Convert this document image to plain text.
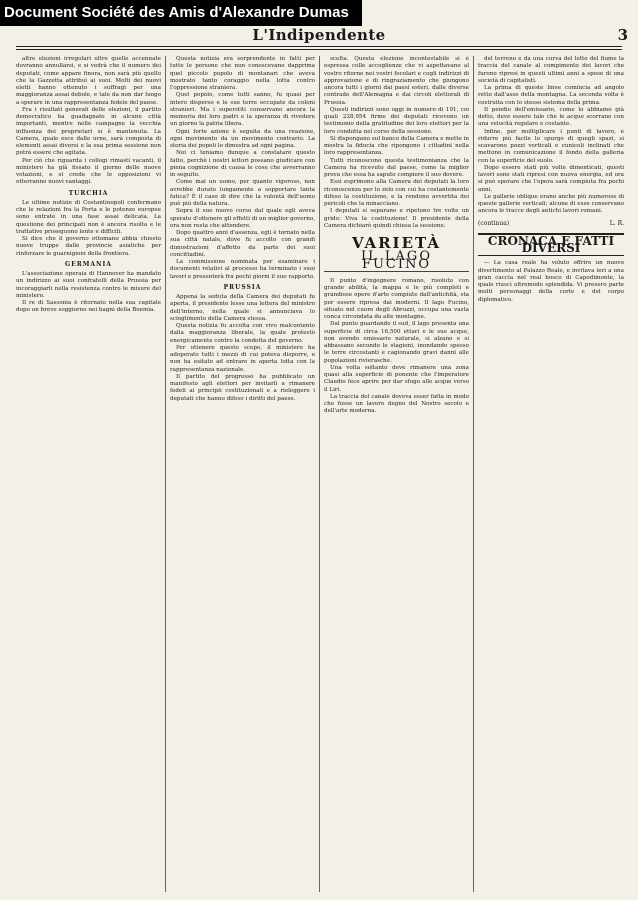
Document Société des Amis d'Alexandre Dumas
L'Indipendente	3

altre elezioni irregolari oltre quelle accennate dovranno annullarsi, e si vedrà che il numero dei deputati, come appare finora, non sarà più quello che la Gazzetta attribuì ai suoi. Molti dei nuovi eletti hanno ottenuto i suffragi per una maggioranza assai debole, e tale da non dar luogo a sperare in una rappresentanza fedele del paese.

Fra i risultati generali delle elezioni, il partito democratico ha guadagnato in alcune città importanti, mentre nelle campagne la vecchia influenza dei proprietari si è mantenuta. La Camera, quale esce dalle urne, sarà composta di elementi assai diversi e la sua prima sessione non potrà essere che agitata.

Per ciò che riguarda i collegi rimasti vacanti, il ministero ha già fissato il giorno delle nuove votazioni, e si crede che le opposizioni vi otterranno nuovi vantaggi.

TURCHIA

Le ultime notizie di Costantinopoli confermano che le relazioni fra la Porta e le potenze europee sono entrate in una fase assai delicata. La questione dei principati non è ancora risolta e le trattative proseguono lente e difficili.

Si dice che il governo ottomano abbia chiesto nuove truppe dalle provincie asiatiche per rinforzare le guarnigioni della frontiera.

GERMANIA

L'associazione operaia di Hannover ha mandato un indirizzo ai suoi confratelli della Prussia per incoraggiarli nella resistenza contro le misure del ministero.

Il re di Sassonia è ritornato nella sua capitale dopo un breve soggiorno nei bagni della Boemia.

Questa notizia era sorprendente in fatti per tutte le persone che non conoscevano dapprima quel piccolo popolo di montanari che aveva mostrato tanto coraggio nella lotta contro l'oppressione straniera.

Quel popolo, come tutti sanno, fu quasi per intero disperso e le sue terre occupate da coloni stranieri. Ma i superstiti conservano ancora la memoria dei loro padri e la speranza di rivedere un giorno la patria libera.

Ogni forte azione è seguita da una reazione, ogni movimento da un movimento contrario. La storia dei popoli lo dimostra ad ogni pagina.

Noi ci teniamo dunque a constatare questo fatto, perchè i nostri lettori possano giudicare con piena cognizione di causa le cose che avverranno in seguito.

Come mai un uomo, per quanto vigoroso, non avrebbe durato lungamente a sopportare tanta fatica? È il caso di dire che la volontà dell'uomo può più della natura.

Sopra il suo nuovo corso dal quale egli aveva sperato d'ottenere gli effetti di un miglior governo, ora non resta che attendere.

Dopo quattro anni d'assenza, egli è tornato nella sua città natale, dove fu accolto con grandi dimostrazioni d'affetto da parte dei suoi concittadini.

La commissione nominata per esaminare i documenti relativi al processo ha terminato i suoi lavori e presenterà fra pochi giorni il suo rapporto.

PRUSSIA

Appena la seduta della Camera dei deputati fu aperta, il presidente lesse una lettera del ministro dell'interno, nella quale si annunciava lo scioglimento della Camera stessa.

Questa notizia fu accolta con vivo malcontento dalla maggioranza liberale, la quale protestò energicamente contro la condotta del governo.

Per ottenere questo scopo, il ministero ha adoperato tutti i mezzi di cui poteva disporre, e non ha esitato ad entrare in aperta lotta con la rappresentanza nazionale.

Il partito del progresso ha pubblicato un manifesto agli elettori per invitarli a rimanere fedeli ai principii costituzionali e a rieleggere i deputati che hanno difeso i diritti del paese.

scelta. Questa elezione incontestabile si è espressa colle accoglienze che vi aspettavano al vostro ritorno nei vostri focolari e cogli indirizzi di approvazione e di ringraziamento che giungono ancora tutti i giorni dai paesi esteri, dalle diverse contrade dell'Alemagna e dai circoli elettorali di Prussia.

Questi indirizzi sono oggi in numero di 191, coi quali 228,954 firme dei deputati ricevono un testimonio della gratitudine dei loro elettori per la loro condotta nel corso della sessione.

Si dispongano sul banco della Camera e mette in mostra la fiducia che ripongono i cittadini nella loro rappresentanza.

Tutti riconoscono questa testimonianza che la Camera ha ricevuto dal paese, come la miglior prova che essa ha saputo compiere il suo dovere.

Essi esprimono alla Camera dei deputati la loro riconoscenza per lo zelo con cui ha costantemente difeso la costituzione, e la rendono avvertita dei pericoli che la minacciano.

I deputati si separano e ripetono tre volte un grido: Viva la costituzione! Il presidente della Camera dichiarò quindi chiusa la sessione.

VARIETÀ
IL LAGO FUCINO

Il punto d'ingegnere romano, risoluto con grande abilità, la mappa e le più completi e grandiose opere d'arte compiute dall'antichità, sta per essere ripresa dai moderni. Il lago Fucino, situato nel cuore degli Abruzzi, occupa una vasta conca circondata da alte montagne.

Dal punto guardando il sud, il lago presenta una superficie di circa 16,500 ettari e le sue acque, non avendo emissario naturale, si alzano e si abbassano secondo le stagioni, inondando spesso le terre circostanti e cagionando gravi danni alle popolazioni rivierasche.

Una volta soltanto deve rimanere una zona quasi alla superficie di ponente che l'imperatore Claudio fece aprire per dar sfogo alle acque verso il Liri.

La traccia del canale doveva esser fatta in modo che fosse un lavoro degno del Nostro secolo e dell'arte moderna.

del terreno e da una curva del letto del fiume la traccia del canale al compimento dei lavori che furono ripresi in questi ultimi anni a spese di una società di capitalisti.

La prima di queste linee comincia ad angolo retto dall'asse della montagna. La seconda volta è costruita con lo stesso sistema della prima.

Il pendio dell'emissario, come lo abbiamo già detto, deve essere tale che le acque scorrano con una velocità regolare e costante.

Infine, per moltiplicare i punti di lavoro, e ridurre più facile lo spurgo di quegli spazi, si scavarono pozzi verticali e cunicoli inclinati che mettono in comunicazione il fondo della galleria con la superficie del suolo.

Dopo essere stati più volte dimenticati, questi lavori sono stati ripresi con nuova energia, ed ora si può sperare che l'opera sarà compiuta fra pochi anni.

Le gallerie oblique erano anche più numerose di queste gallerie verticali; alcune di esse conservano ancora le tracce degli antichi lavori romani.

(continua)	L. R.
CRONACA E FATTI DIVERSI

— La casa reale ha voluto offrire un nuovo divertimento al Palazzo Reale, e invitava ieri a una gran caccia nel real bosco di Capodimonte, la quale riuscì oltremodo splendida. Vi presero parte molti personaggi della corte e del corpo diplomatico.
